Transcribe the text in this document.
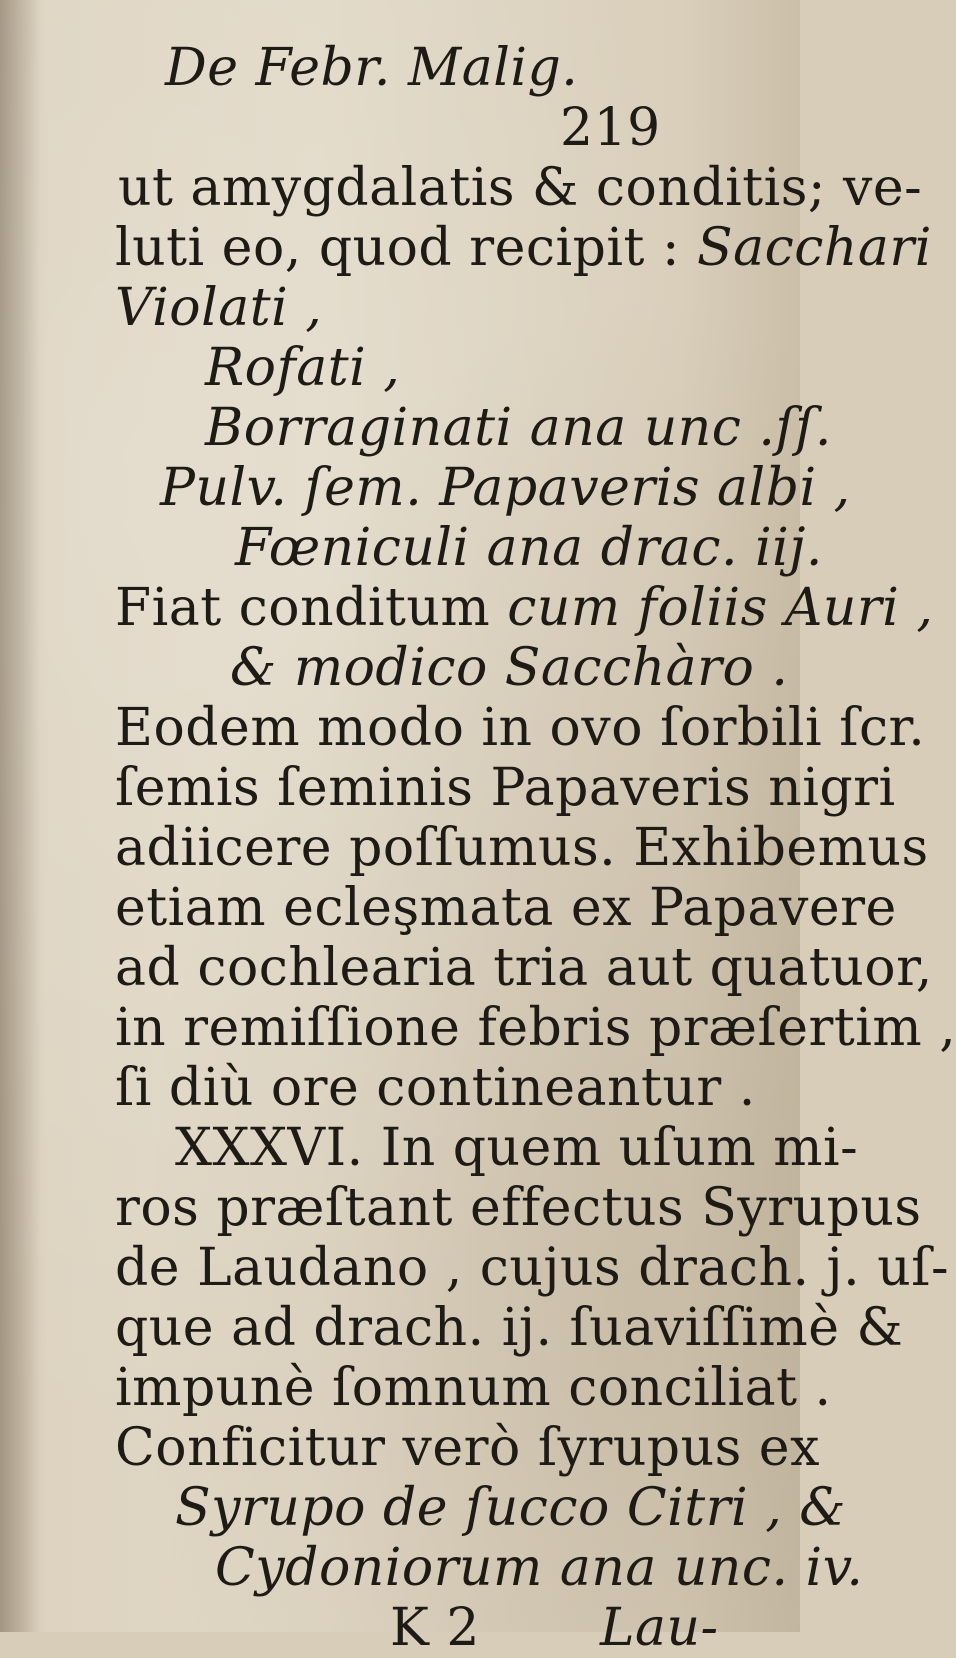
De Febr. Malig.
219
ut amygdalatis & conditis; ve-
luti eo, quod recipit : Sacchari
Violati ,
Rofati ,
Borraginati ana unc .ſſ.
Pulv. ſem. Papaveris albi ,
Fœniculi ana drac. iij.
Fiat conditum cum foliis Auri ,
& modico Sacchàro .
Eodem modo in ovo ſorbili ſcr.
ſemis ſeminis Papaveris nigri
adiicere poſſumus. Exhibemus
etiam ecleşmata ex Papavere
ad cochlearia tria aut quatuor,
in remiſſione febris præſertim ,
ſi diù ore contineantur .
XXXVI. In quem uſum mi-
ros præſtant effectus Syrupus
de Laudano , cujus drach. j. uſ-
que ad drach. ij. ſuaviſſimè &
impunè ſomnum conciliat .
Conficitur verò ſyrupus ex
Syrupo de ſucco Citri , &
Cydoniorum ana unc. iv.
K 2 Lau-
